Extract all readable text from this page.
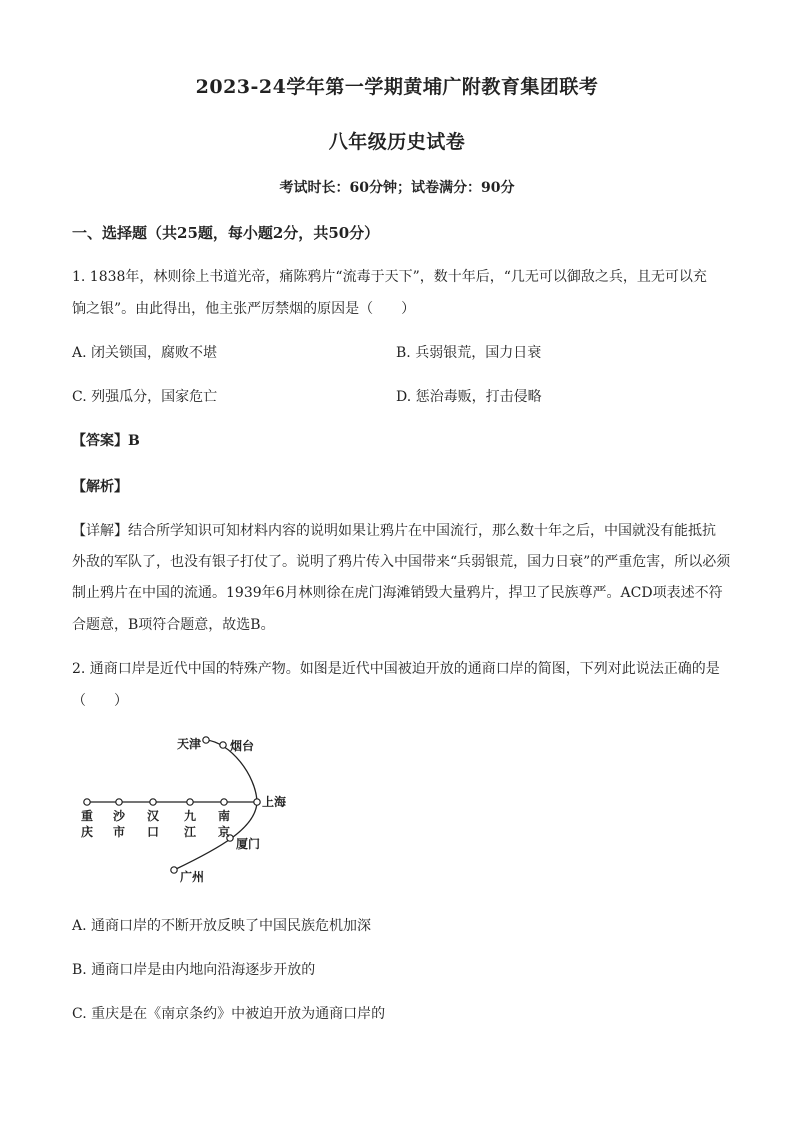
2023-24学年第一学期黄埔广附教育集团联考
八年级历史试卷
考试时长：60分钟；试卷满分：90分
一、选择题（共25题，每小题2分，共50分）
1. 1838年，林则徐上书道光帝，痛陈鸦片“流毒于天下”，数十年后，“几无可以御敌之兵，且无可以充
饷之银”。由此得出，他主张严厉禁烟的原因是（　　）
A. 闭关锁国，腐败不堪	B. 兵弱银荒，国力日衰
C. 列强瓜分，国家危亡	D. 惩治毒贩，打击侵略
【答案】B
【解析】
【详解】结合所学知识可知材料内容的说明如果让鸦片在中国流行，那么数十年之后，中国就没有能抵抗
外敌的军队了，也没有银子打仗了。说明了鸦片传入中国带来“兵弱银荒，国力日衰”的严重危害，所以必须
制止鸦片在中国的流通。1939年6月林则徐在虎门海滩销毁大量鸦片，捍卫了民族尊严。ACD项表述不符
合题意，B项符合题意，故选B。
2. 通商口岸是近代中国的特殊产物。如图是近代中国被迫开放的通商口岸的简图，下列对此说法正确的是
（　　）
天津 烟台
上海
厦门
广州
重
庆
沙
市
汉
口
九
江
南
京
A. 通商口岸的不断开放反映了中国民族危机加深
B. 通商口岸是由内地向沿海逐步开放的
C. 重庆是在《南京条约》中被迫开放为通商口岸的
